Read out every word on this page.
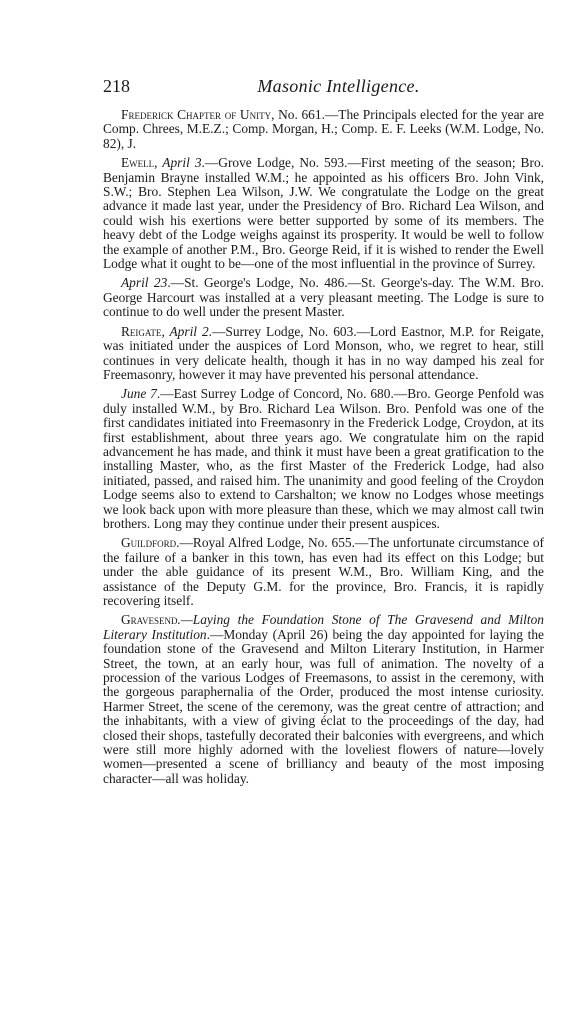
218	Masonic Intelligence.

Frederick Chapter of Unity, No. 661.—The Principals elected for the year are Comp. Chrees, M.E.Z.; Comp. Morgan, H.; Comp. E. F. Leeks (W.M. Lodge, No. 82), J.

Ewell, April 3.—Grove Lodge, No. 593.—First meeting of the season; Bro. Benjamin Brayne installed W.M.; he appointed as his officers Bro. John Vink, S.W.; Bro. Stephen Lea Wilson, J.W. We congratulate the Lodge on the great advance it made last year, under the Presidency of Bro. Richard Lea Wilson, and could wish his exertions were better supported by some of its members. The heavy debt of the Lodge weighs against its prosperity. It would be well to follow the example of another P.M., Bro. George Reid, if it is wished to render the Ewell Lodge what it ought to be—one of the most influential in the province of Surrey.

April 23.—St. George's Lodge, No. 486.—St. George's-day. The W.M. Bro. George Harcourt was installed at a very pleasant meeting. The Lodge is sure to continue to do well under the present Master.

Reigate, April 2.—Surrey Lodge, No. 603.—Lord Eastnor, M.P. for Reigate, was initiated under the auspices of Lord Monson, who, we regret to hear, still continues in very delicate health, though it has in no way damped his zeal for Freemasonry, however it may have prevented his personal attendance.

June 7.—East Surrey Lodge of Concord, No. 680.—Bro. George Penfold was duly installed W.M., by Bro. Richard Lea Wilson. Bro. Penfold was one of the first candidates initiated into Freemasonry in the Frederick Lodge, Croydon, at its first establishment, about three years ago. We congratulate him on the rapid advancement he has made, and think it must have been a great gratification to the installing Master, who, as the first Master of the Frederick Lodge, had also initiated, passed, and raised him. The unanimity and good feeling of the Croydon Lodge seems also to extend to Carshalton; we know no Lodges whose meetings we look back upon with more pleasure than these, which we may almost call twin brothers. Long may they continue under their present auspices.

Guildford.—Royal Alfred Lodge, No. 655.—The unfortunate circumstance of the failure of a banker in this town, has even had its effect on this Lodge; but under the able guidance of its present W.M., Bro. William King, and the assistance of the Deputy G.M. for the province, Bro. Francis, it is rapidly recovering itself.

Gravesend.—Laying the Foundation Stone of The Gravesend and Milton Literary Institution.—Monday (April 26) being the day appointed for laying the foundation stone of the Gravesend and Milton Literary Institution, in Harmer Street, the town, at an early hour, was full of animation. The novelty of a procession of the various Lodges of Freemasons, to assist in the ceremony, with the gorgeous paraphernalia of the Order, produced the most intense curiosity. Harmer Street, the scene of the ceremony, was the great centre of attraction; and the inhabitants, with a view of giving éclat to the proceedings of the day, had closed their shops, tastefully decorated their balconies with evergreens, and which were still more highly adorned with the loveliest flowers of nature—lovely women—presented a scene of brilliancy and beauty of the most imposing character—all was holiday.
